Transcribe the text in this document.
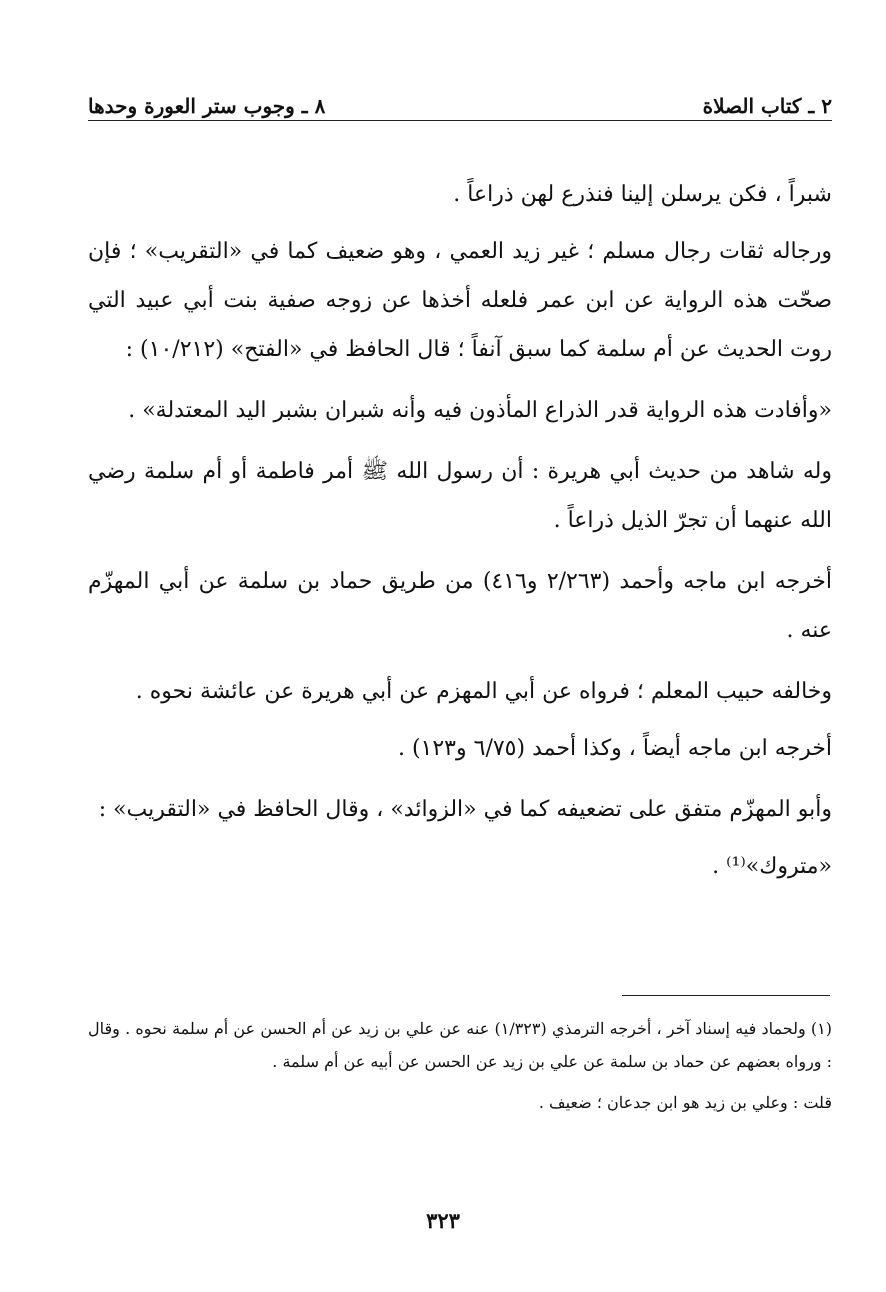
٢ ـ كتاب الصلاة
٨ ـ وجوب ستر العورة وحدها

شبراً ، فكن يرسلن إلينا فنذرع لهن ذراعاً .

ورجاله ثقات رجال مسلم ؛ غير زيد العمي ، وهو ضعيف كما في «التقريب» ؛ فإن صحّت هذه الرواية عن ابن عمر فلعله أخذها عن زوجه صفية بنت أبي عبيد التي روت الحديث عن أم سلمة كما سبق آنفاً ؛ قال الحافظ في «الفتح» (١٠/٢١٢) :

«وأفادت هذه الرواية قدر الذراع المأذون فيه وأنه شبران بشبر اليد المعتدلة» .

وله شاهد من حديث أبي هريرة : أن رسول الله ﷺ أمر فاطمة أو أم سلمة رضي الله عنهما أن تجرّ الذيل ذراعاً .

أخرجه ابن ماجه وأحمد (٢/٢٦٣ و٤١٦) من طريق حماد بن سلمة عن أبي المهزّم عنه .

وخالفه حبيب المعلم ؛ فرواه عن أبي المهزم عن أبي هريرة عن عائشة نحوه .

أخرجه ابن ماجه أيضاً ، وكذا أحمد (٦/٧٥ و١٢٣) .

وأبو المهزّم متفق على تضعيفه كما في «الزوائد» ، وقال الحافظ في «التقريب» :

«متروك»⁽¹⁾ .

(١) ولحماد فيه إسناد آخر ، أخرجه الترمذي (١/٣٢٣) عنه عن علي بن زيد عن أم الحسن عن أم سلمة نحوه . وقال : ورواه بعضهم عن حماد بن سلمة عن علي بن زيد عن الحسن عن أبيه عن أم سلمة .

قلت : وعلي بن زيد هو ابن جدعان ؛ ضعيف .

٣٢٣
